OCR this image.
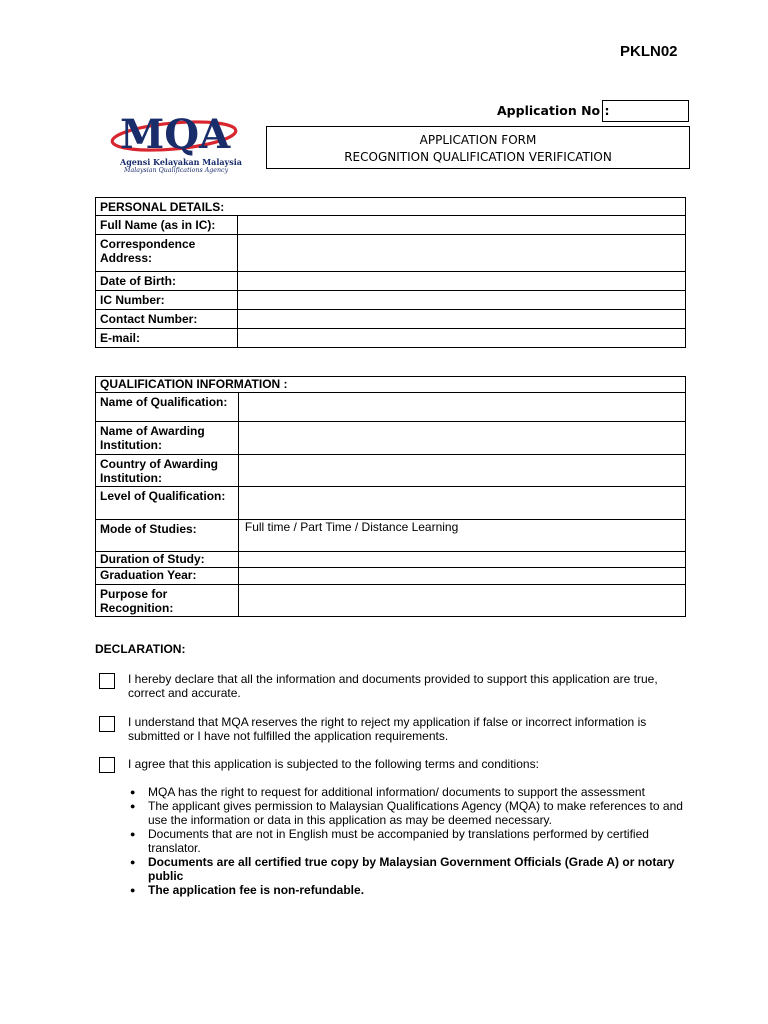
PKLN02
Application No :
MQA
Agensi Kelayakan Malaysia
Malaysian Qualifications Agency
APPLICATION FORM
RECOGNITION QUALIFICATION VERIFICATION
PERSONAL DETAILS:	
Full Name (as in IC):	
Correspondence Address:	
Date of Birth:	
IC Number:	
Contact Number:	
E-mail:	
QUALIFICATION INFORMATION :	
Name of Qualification:	
Name of Awarding Institution:	
Country of Awarding Institution:	
Level of Qualification:	
Mode of Studies:	Full time / Part Time / Distance Learning
Duration of Study:	
Graduation Year:	
Purpose for Recognition:	
DECLARATION:
I hereby declare that all the information and documents provided to support this application are true, correct and accurate.
I understand that MQA reserves the right to reject my application if false or incorrect information is submitted or I have not fulfilled the application requirements.
I agree that this application is subjected to the following terms and conditions:
● MQA has the right to request for additional information/ documents to support the assessment
● The applicant gives permission to Malaysian Qualifications Agency (MQA) to make references to and use the information or data in this application as may be deemed necessary.
● Documents that are not in English must be accompanied by translations performed by certified translator.
● Documents are all certified true copy by Malaysian Government Officials (Grade A) or notary public
● The application fee is non-refundable.
